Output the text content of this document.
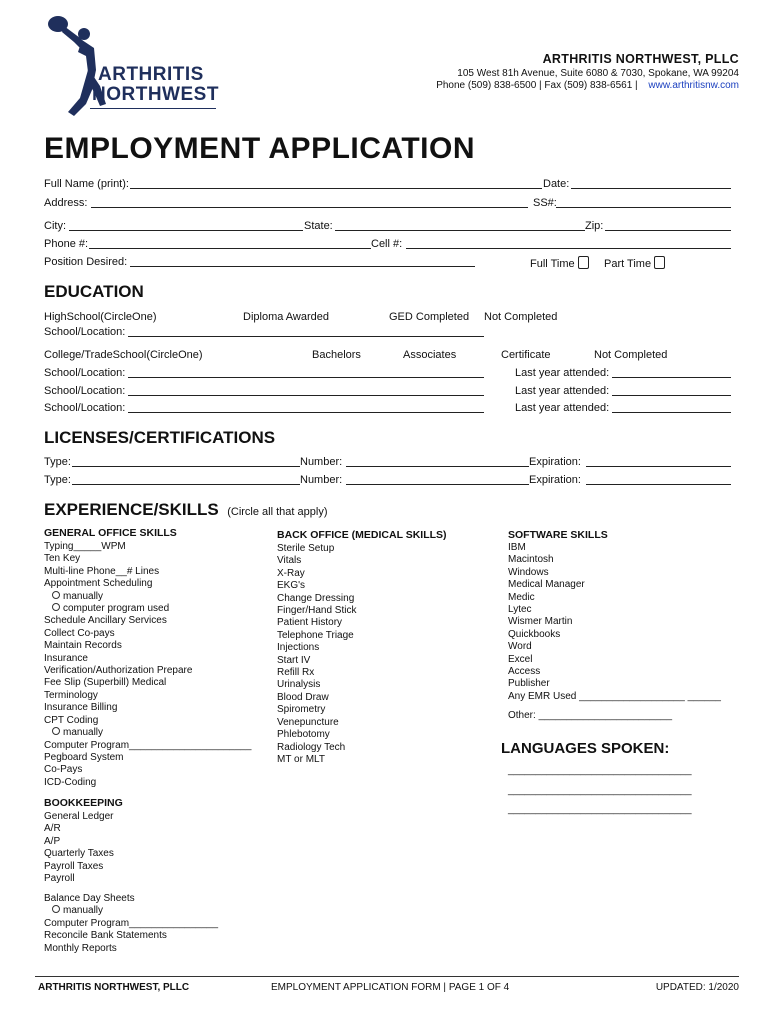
ARTHRITIS
NORTHWEST
ARTHRITIS NORTHWEST, PLLC
105 West 81h Avenue, Suite 6080 & 7030, Spokane, WA 99204
Phone (509) 838-6500 | Fax (509) 838-6561 | www.arthritisnw.com
EMPLOYMENT APPLICATION
Full Name (print):	Date:
Address:	SS#:
City:	State:	Zip:
Phone #:	Cell #:
Position Desired:	Full Time	Part Time
EDUCATION
HighSchool(CircleOne)	Diploma Awarded	GED Completed Not Completed
School/Location:
College/TradeSchool(CircleOne)	Bachelors	Associates	Certificate	Not Completed
School/Location:	Last year attended:
School/Location:	Last year attended:
School/Location:	Last year attended:
LICENSES/CERTIFICATIONS
Type:	Number:	Expiration:
Type:	Number:	Expiration:
EXPERIENCE/SKILLS (Circle all that apply)
GENERAL OFFICE SKILLS
Typing_____WPM
Ten Key
Multi-line Phone__# Lines
Appointment Scheduling
manually
computer program used
Schedule Ancillary Services
Collect Co-pays
Maintain Records
Insurance
Verification/Authorization Prepare
Fee Slip (Superbill) Medical
Terminology
Insurance Billing
CPT Coding
manually
Computer Program______________________
Pegboard System
Co-Pays
ICD-Coding
BACK OFFICE (MEDICAL SKILLS)
Sterile Setup
Vitals
X-Ray
EKG's
Change Dressing
Finger/Hand Stick
Patient History
Telephone Triage
Injections
Start IV
Refill Rx
Urinalysis
Blood Draw
Spirometry
Venepuncture
Phlebotomy
Radiology Tech
MT or MLT
SOFTWARE SKILLS
IBM
Macintosh
Windows
Medical Manager
Medic
Lytec
Wismer Martin
Quickbooks
Word
Excel
Access
Publisher
Any EMR Used ___________________ ______
Other: ________________________
LANGUAGES SPOKEN:
_________________________________
_________________________________
_________________________________
BOOKKEEPING
General Ledger
A/R
A/P
Quarterly Taxes
Payroll Taxes
Payroll
Balance Day Sheets
manually
Computer Program________________
Reconcile Bank Statements
Monthly Reports
ARTHRITIS NORTHWEST, PLLC	EMPLOYMENT APPLICATION FORM | PAGE 1 OF 4	UPDATED: 1/2020
